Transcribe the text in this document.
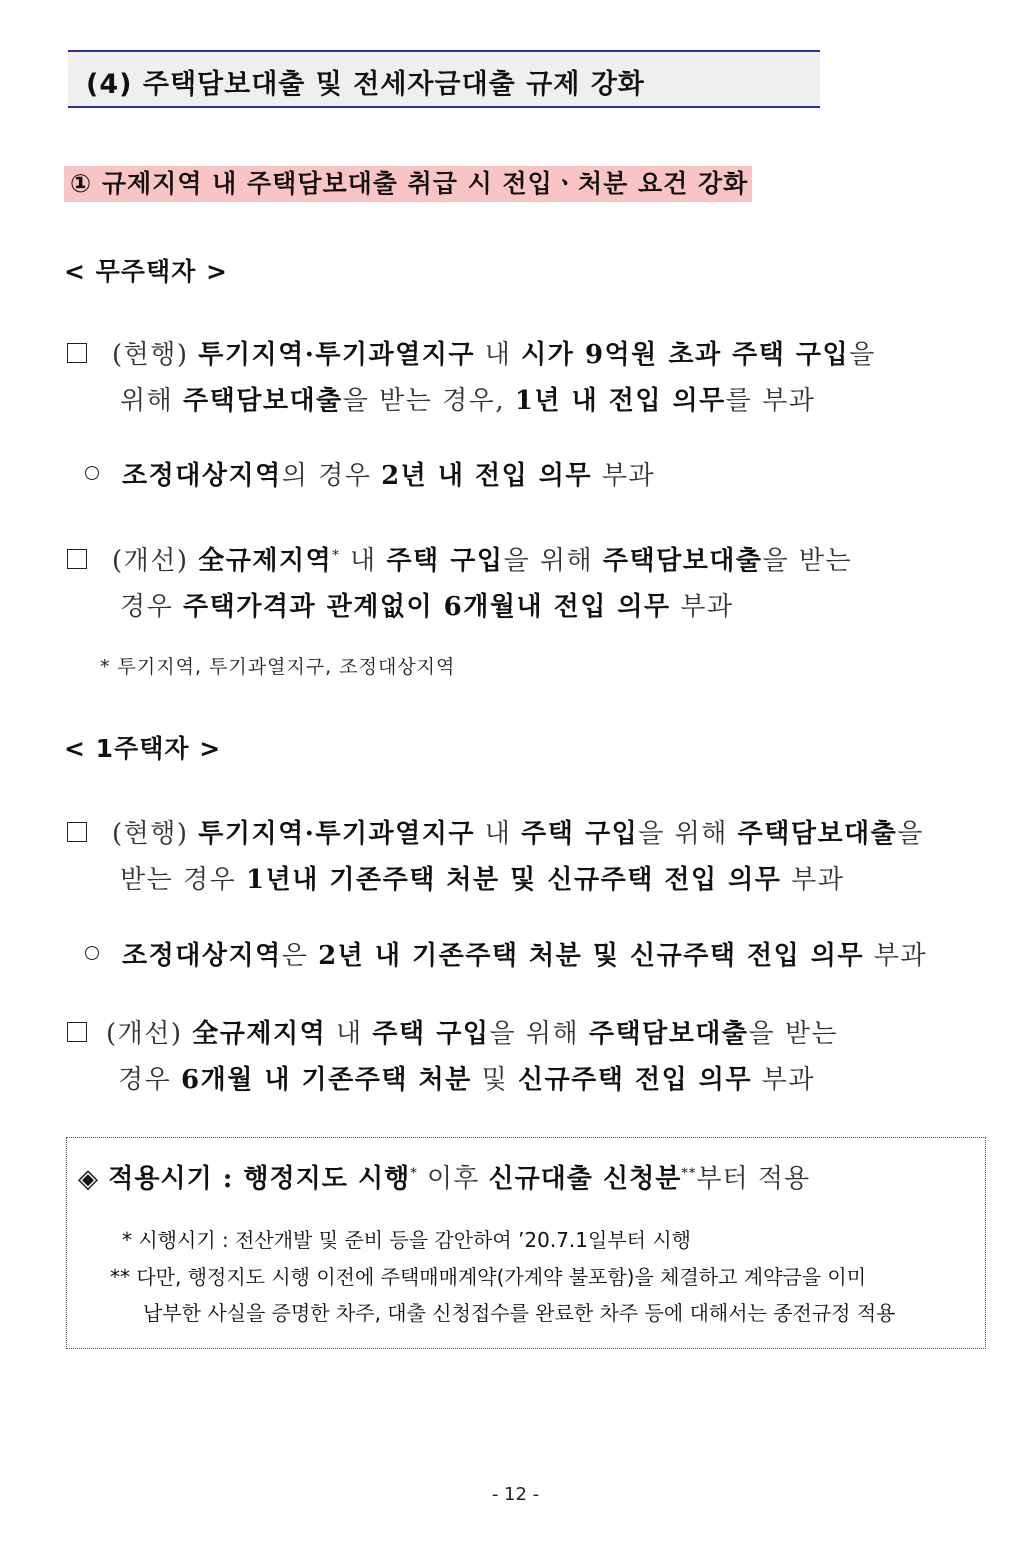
(4) 주택담보대출 및 전세자금대출 규제 강화
① 규제지역 내 주택담보대출 취급 시 전입ㆍ처분 요건 강화
< 무주택자 >
(현행) 투기지역·투기과열지구 내 시가 9억원 초과 주택 구입을
위해 주택담보대출을 받는 경우, 1년 내 전입 의무를 부과
조정대상지역의 경우 2년 내 전입 의무 부과
(개선) 全규제지역* 내 주택 구입을 위해 주택담보대출을 받는
경우 주택가격과 관계없이 6개월내 전입 의무 부과
* 투기지역, 투기과열지구, 조정대상지역
< 1주택자 >
(현행) 투기지역·투기과열지구 내 주택 구입을 위해 주택담보대출을
받는 경우 1년내 기존주택 처분 및 신규주택 전입 의무 부과
조정대상지역은 2년 내 기존주택 처분 및 신규주택 전입 의무 부과
(개선) 全규제지역 내 주택 구입을 위해 주택담보대출을 받는
경우 6개월 내 기존주택 처분 및 신규주택 전입 의무 부과
◈ 적용시기 : 행정지도 시행* 이후 신규대출 신청분**부터 적용
* 시행시기 : 전산개발 및 준비 등을 감안하여 ’20.7.1일부터 시행
** 다만, 행정지도 시행 이전에 주택매매계약(가계약 불포함)을 체결하고 계약금을 이미
납부한 사실을 증명한 차주, 대출 신청접수를 완료한 차주 등에 대해서는 종전규정 적용
- 12 -
